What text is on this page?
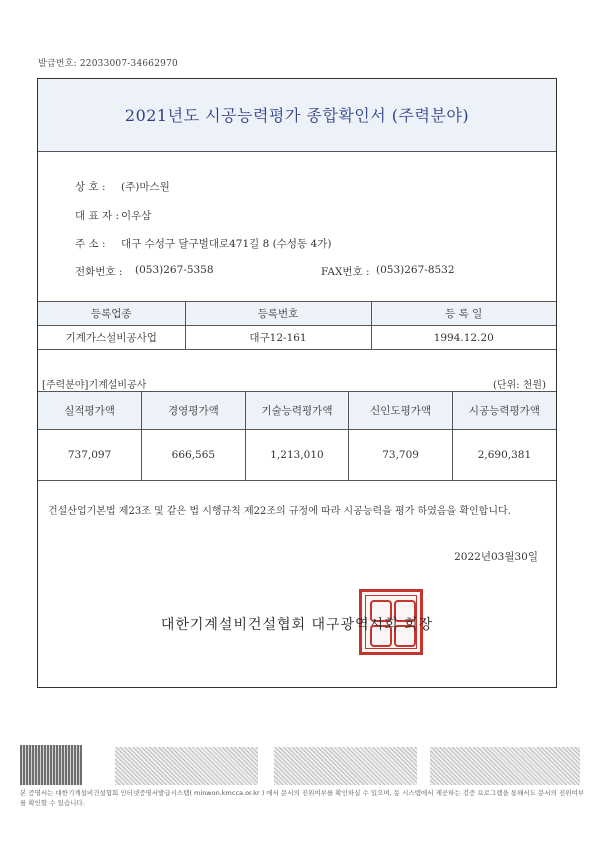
발급번호: 22033007-34662970
2021년도 시공능력평가 종합확인서 (주력분야)
상 호 : (주)마스원
대 표 자 : 이우삼
주 소 : 대구 수성구 달구벌대로471길 8 (수성동 4가)
전화번호 : (053)267-5358	FAX번호 : (053)267-8532
등록업종	등록번호	등 록 일
기계가스설비공사업	대구12-161	1994.12.20
[주력분야]기계설비공사	(단위: 천원)
실적평가액	경영평가액	기술능력평가액	신인도평가액	시공능력평가액
737,097	666,565	1,213,010	73,709	2,690,381
건설산업기본법 제23조 및 같은 법 시행규칙 제22조의 규정에 따라 시공능력을 평가 하였음을 확인합니다.
2022년03월30일
대한기계설비건설협회 대구광역시회 회장
본 증명서는 대한기계설비건설협회 인터넷증명서발급시스템( minwon.kmcca.or.kr ) 에서 문서의 진위여부를 확인하실 수 있으며, 동 시스템에서 제공하는 검증 프로그램을 통해서도 문서의 진위여부를 확인할 수 있습니다.
